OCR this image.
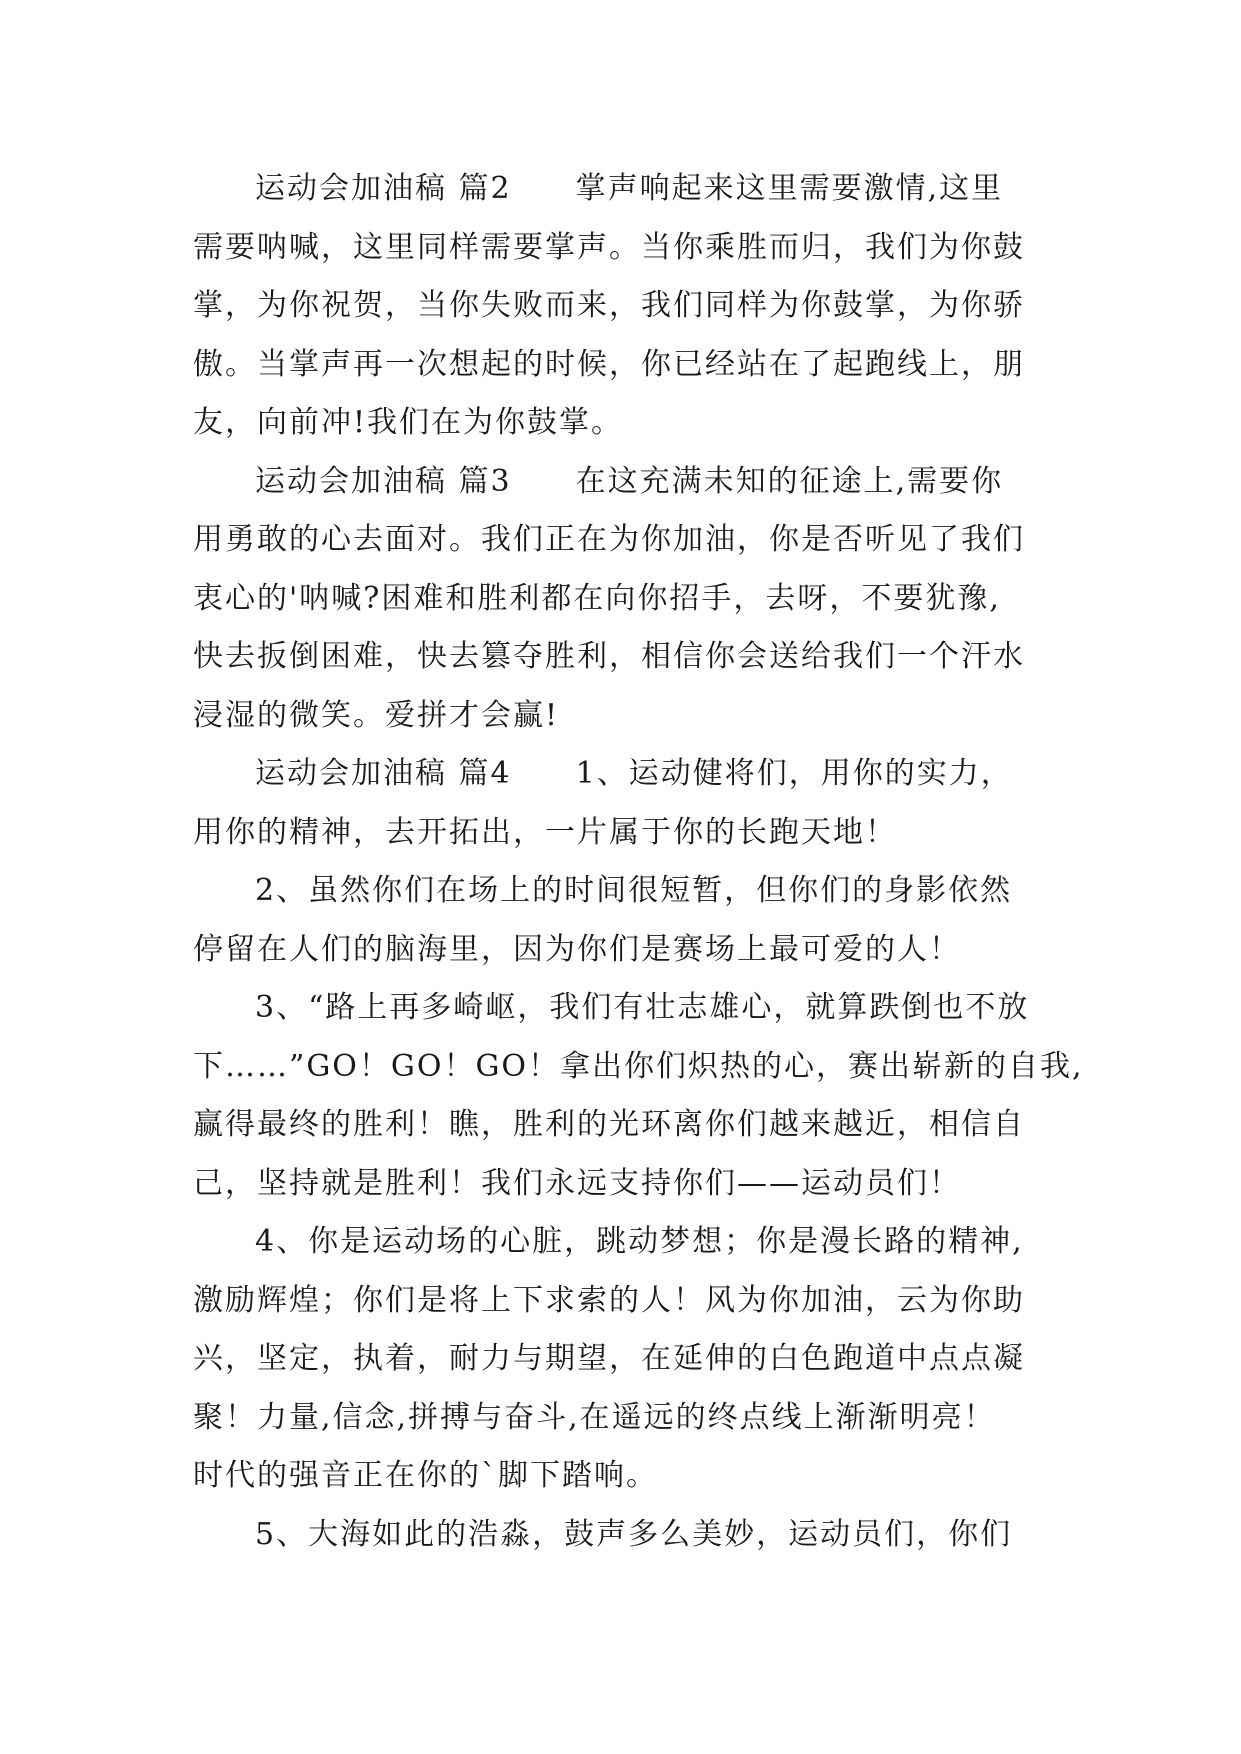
运动会加油稿 篇2　　掌声响起来这里需要激情,这里
需要呐喊，这里同样需要掌声。当你乘胜而归，我们为你鼓
掌，为你祝贺，当你失败而来，我们同样为你鼓掌，为你骄
傲。当掌声再一次想起的时候，你已经站在了起跑线上，朋
友，向前冲!我们在为你鼓掌。
运动会加油稿 篇3　　在这充满未知的征途上,需要你
用勇敢的心去面对。我们正在为你加油，你是否听见了我们
衷心的'呐喊?困难和胜利都在向你招手，去呀，不要犹豫,
快去扳倒困难，快去篡夺胜利，相信你会送给我们一个汗水
浸湿的微笑。爱拼才会赢!
运动会加油稿 篇4　　1、运动健将们，用你的实力，
用你的精神，去开拓出，一片属于你的长跑天地！
2、虽然你们在场上的时间很短暂，但你们的身影依然
停留在人们的脑海里，因为你们是赛场上最可爱的人！
3、“路上再多崎岖，我们有壮志雄心，就算跌倒也不放
下……”GO！GO！GO！拿出你们炽热的心，赛出崭新的自我,
赢得最终的胜利！瞧，胜利的光环离你们越来越近，相信自
己，坚持就是胜利！我们永远支持你们——运动员们！
4、你是运动场的心脏，跳动梦想；你是漫长路的精神,
激励辉煌；你们是将上下求索的人！风为你加油，云为你助
兴，坚定，执着，耐力与期望，在延伸的白色跑道中点点凝
聚！力量,信念,拼搏与奋斗,在遥远的终点线上渐渐明亮！
时代的强音正在你的`脚下踏响。
5、大海如此的浩淼，鼓声多么美妙，运动员们，你们
